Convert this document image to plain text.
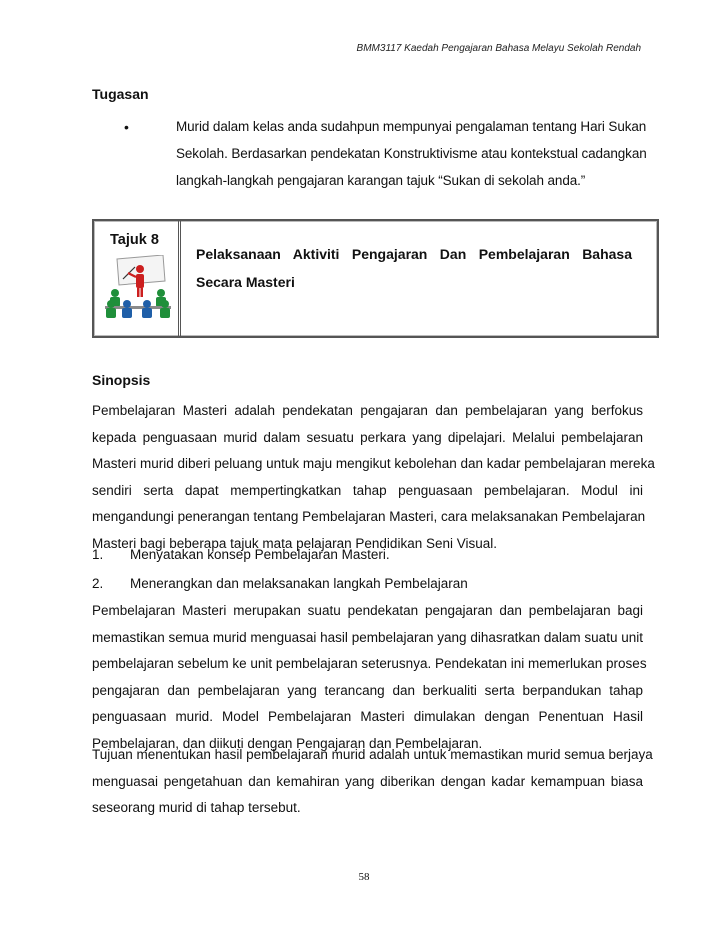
BMM3117 Kaedah Pengajaran Bahasa Melayu Sekolah Rendah
Tugasan
•	Murid dalam kelas anda sudahpun mempunyai pengalaman tentang Hari Sukan
Sekolah. Berdasarkan pendekatan Konstruktivisme atau kontekstual cadangkan
langkah-langkah pengajaran karangan tajuk “Sukan di sekolah anda.”
Tajuk 8
Pelaksanaan Aktiviti Pengajaran Dan Pembelajaran Bahasa
Secara Masteri
Sinopsis
Pembelajaran Masteri adalah pendekatan pengajaran dan pembelajaran yang berfokus
kepada penguasaan murid dalam sesuatu perkara yang dipelajari. Melalui pembelajaran
Masteri murid diberi peluang untuk maju mengikut kebolehan dan kadar pembelajaran mereka
sendiri serta dapat mempertingkatkan tahap penguasaan pembelajaran. Modul ini
mengandungi penerangan tentang Pembelajaran Masteri, cara melaksanakan Pembelajaran
Masteri bagi beberapa tajuk mata pelajaran Pendidikan Seni Visual.
1. Menyatakan konsep Pembelajaran Masteri.
2. Menerangkan dan melaksanakan langkah Pembelajaran
Pembelajaran Masteri merupakan suatu pendekatan pengajaran dan pembelajaran bagi
memastikan semua murid menguasai hasil pembelajaran yang dihasratkan dalam suatu unit
pembelajaran sebelum ke unit pembelajaran seterusnya. Pendekatan ini memerlukan proses
pengajaran dan pembelajaran yang terancang dan berkualiti serta berpandukan tahap
penguasaan murid. Model Pembelajaran Masteri dimulakan dengan Penentuan Hasil
Pembelajaran, dan diikuti dengan Pengajaran dan Pembelajaran.
Tujuan menentukan hasil pembelajaran murid adalah untuk memastikan murid semua berjaya
menguasai pengetahuan dan kemahiran yang diberikan dengan kadar kemampuan biasa
seseorang murid di tahap tersebut.
58
